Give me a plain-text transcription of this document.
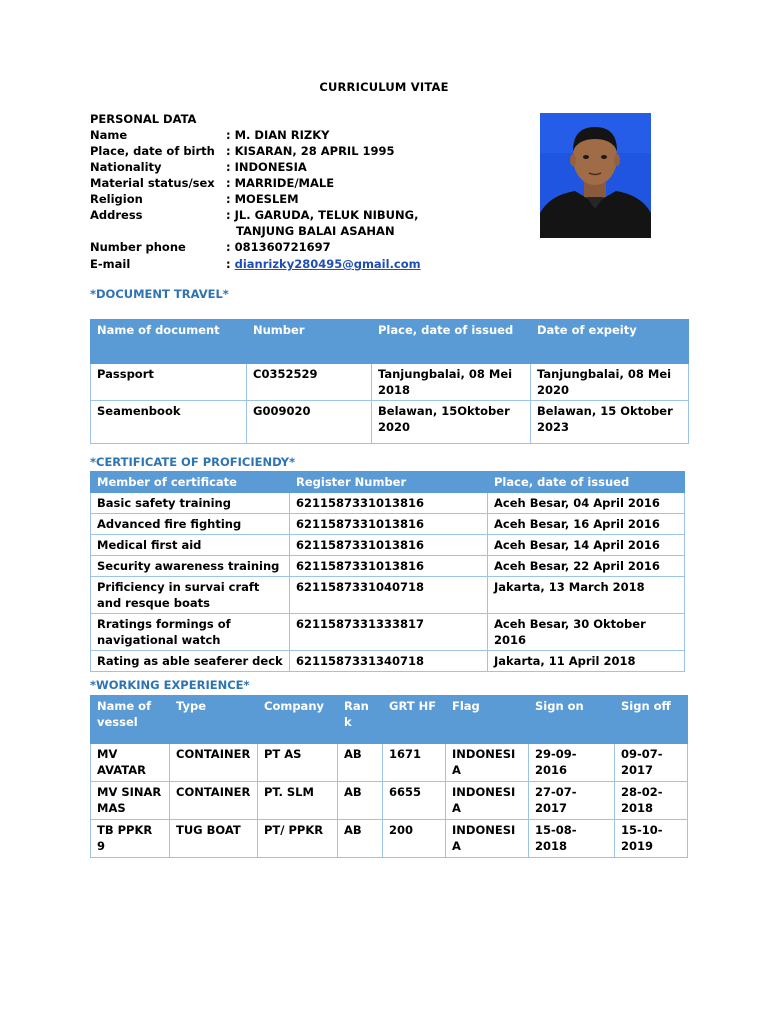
CURRICULUM VITAE
PERSONAL DATA
Name	: M. DIAN RIZKY
Place, date of birth : KISARAN, 28 APRIL 1995
Nationality	: INDONESIA
Material status/sex : MARRIDE/MALE
Religion	: MOESLEM
Address	: JL. GARUDA, TELUK NIBUNG,
TANJUNG BALAI ASAHAN
Number phone	: 081360721697
E-mail	: dianrizky280495@gmail.com
*DOCUMENT TRAVEL*
Name of document	Number	Place, date of issued	Date of expeity
Passport	C0352529	Tanjungbalai, 08 Mei 2018	Tanjungbalai, 08 Mei 2020
Seamenbook	G009020	Belawan, 15Oktober 2020	Belawan, 15 Oktober 2023
*CERTIFICATE OF PROFICIENDY*
Member of certificate	Register Number	Place, date of issued
Basic safety training	6211587331013816	Aceh Besar, 04 April 2016
Advanced fire fighting	6211587331013816	Aceh Besar, 16 April 2016
Medical first aid	6211587331013816	Aceh Besar, 14 April 2016
Security awareness training	6211587331013816	Aceh Besar, 22 April 2016
Prificiency in survai craft and resque boats	6211587331040718	Jakarta, 13 March 2018
Rratings formings of navigational watch	6211587331333817	Aceh Besar, 30 Oktober 2016
Rating as able seaferer deck	6211587331340718	Jakarta, 11 April 2018
*WORKING EXPERIENCE*
Name of vessel	Type	Company	Ran k	GRT HF	Flag	Sign on	Sign off
MV AVATAR	CONTAINER	PT AS	AB	1671	INDONESI A	29-09-2016	09-07-2017
MV SINAR MAS	CONTAINER	PT. SLM	AB	6655	INDONESI A	27-07-2017	28-02-2018
TB PPKR 9	TUG BOAT	PT/ PPKR	AB	200	INDONESI A	15-08-2018	15-10-2019
